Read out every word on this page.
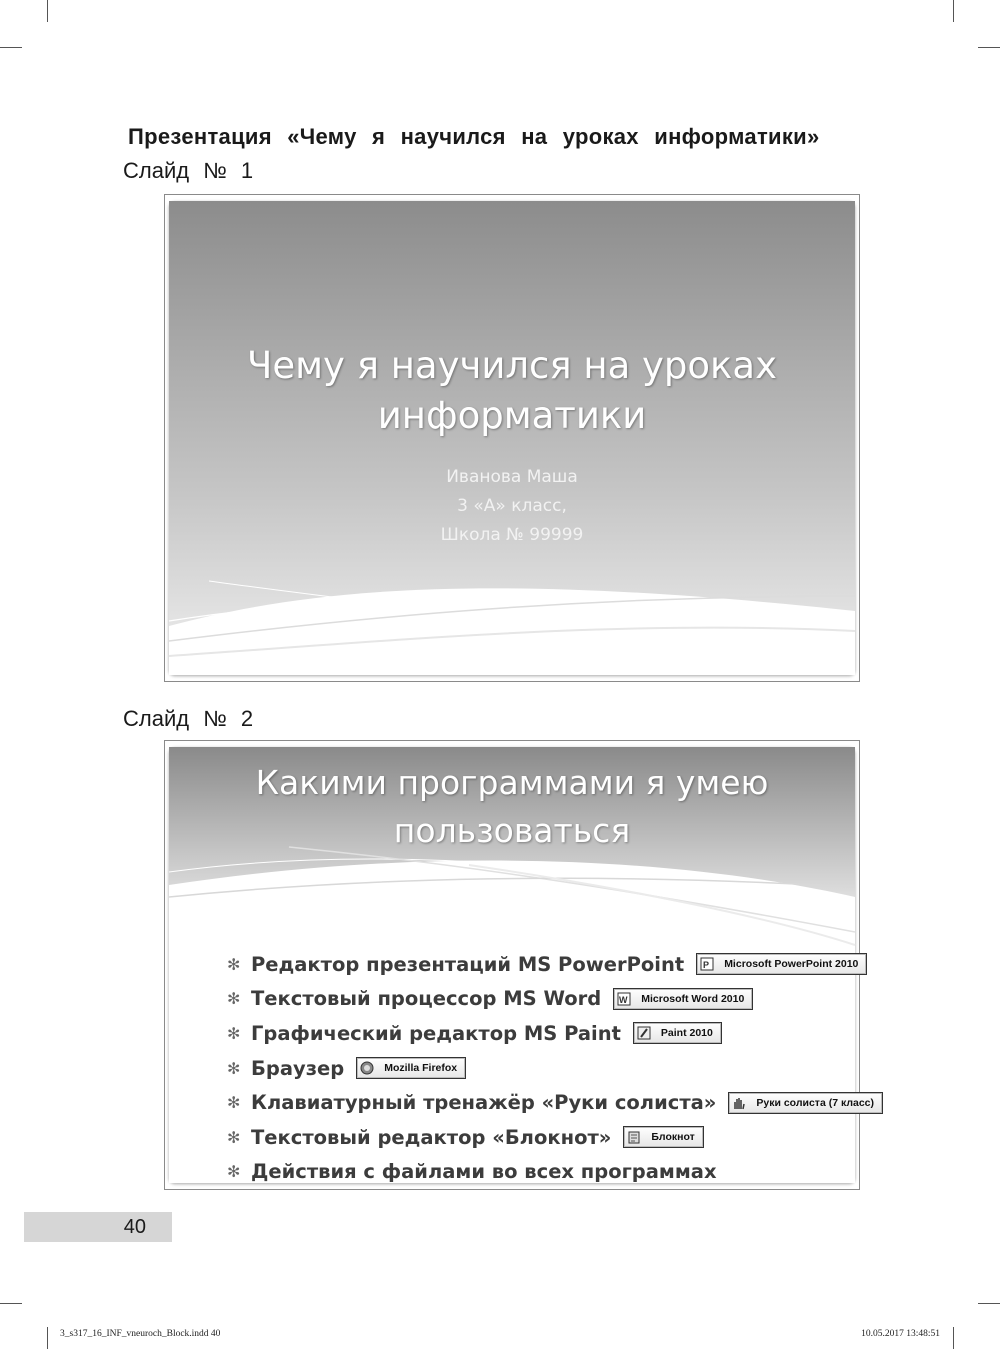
Презентация «Чему я научился на уроках информатики»

Слайд № 1

Чему я научился на уроках
информатики
Иванова Маша
3 «А» класс,
Школа № 99999

Слайд № 2

Какими программами я умею
пользоваться
✻ Редактор презентаций MS PowerPoint P Microsoft PowerPoint 2010
✻ Текстовый процессор MS Word W Microsoft Word 2010
✻ Графический редактор MS Paint	Paint 2010
✻ Браузер	Mozilla Firefox
✻ Клавиатурный тренажёр «Руки солиста»	Руки солиста (7 класс)
✻ Текстовый редактор «Блокнот»	Блокнот
✻ Действия с файлами во всех программах
40
3_s317_16_INF_vneuroch_Block.indd 40	10.05.2017 13:48:51
